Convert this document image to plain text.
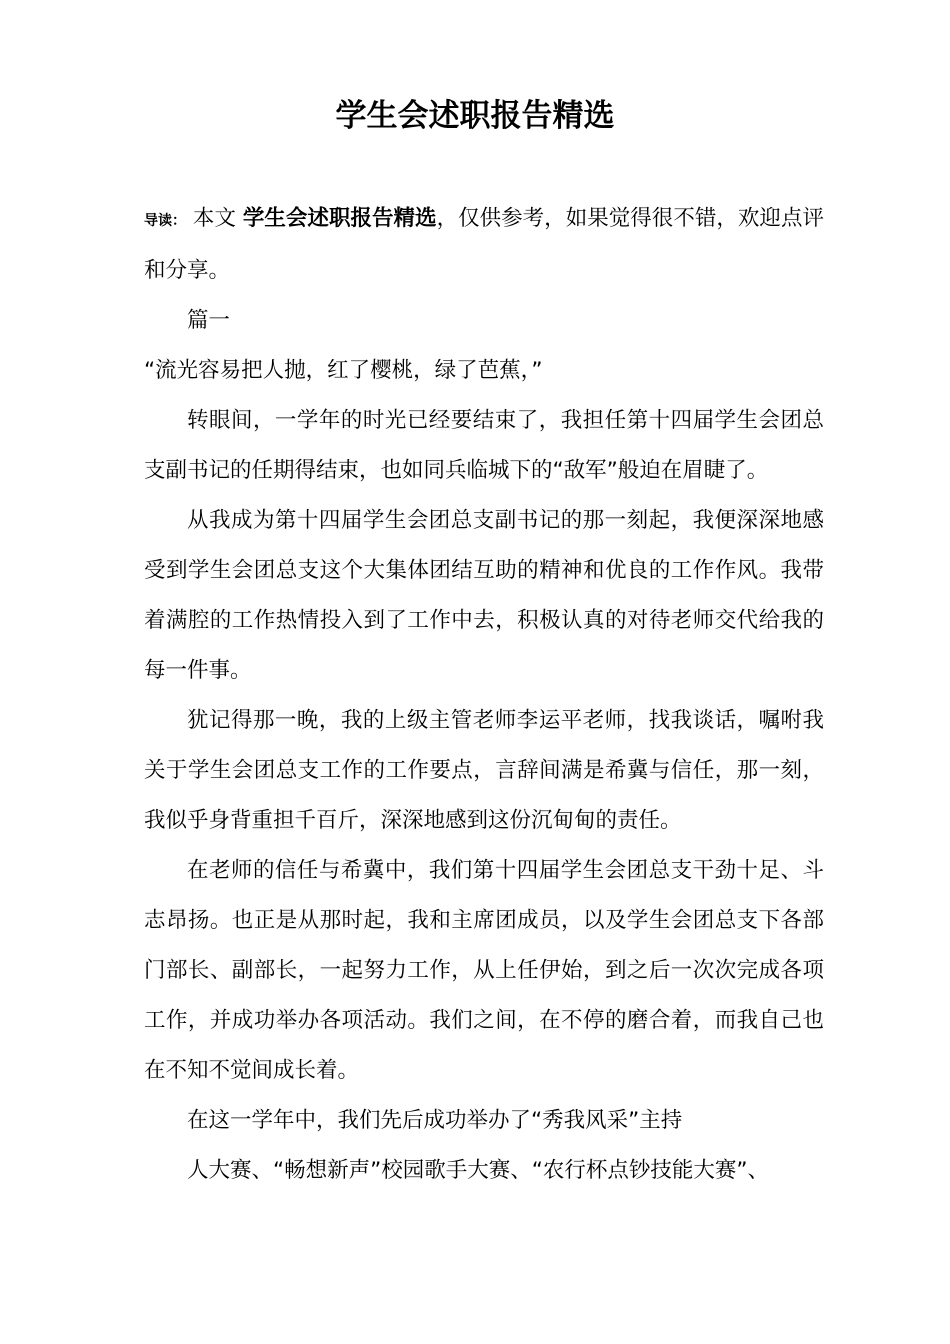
学生会述职报告精选

导读： 本文 学生会述职报告精选，仅供参考，如果觉得很不错，欢迎点评和分享。

篇一

“流光容易把人抛，红了樱桃，绿了芭蕉，”

转眼间，一学年的时光已经要结束了，我担任第十四届学生会团总支副书记的任期得结束，也如同兵临城下的“敌军”般迫在眉睫了。

从我成为第十四届学生会团总支副书记的那一刻起，我便深深地感受到学生会团总支这个大集体团结互助的精神和优良的工作作风。我带着满腔的工作热情投入到了工作中去，积极认真的对待老师交代给我的每一件事。

犹记得那一晚，我的上级主管老师李运平老师，找我谈话，嘱咐我关于学生会团总支工作的工作要点，言辞间满是希冀与信任，那一刻，我似乎身背重担千百斤，深深地感到这份沉甸甸的责任。

在老师的信任与希冀中，我们第十四届学生会团总支干劲十足、斗志昂扬。也正是从那时起，我和主席团成员，以及学生会团总支下各部门部长、副部长，一起努力工作，从上任伊始，到之后一次次完成各项工作，并成功举办各项活动。我们之间，在不停的磨合着，而我自己也在不知不觉间成长着。

在这一学年中，我们先后成功举办了“秀我风采”主持

人大赛、“畅想新声”校园歌手大赛、“农行杯点钞技能大赛”、
